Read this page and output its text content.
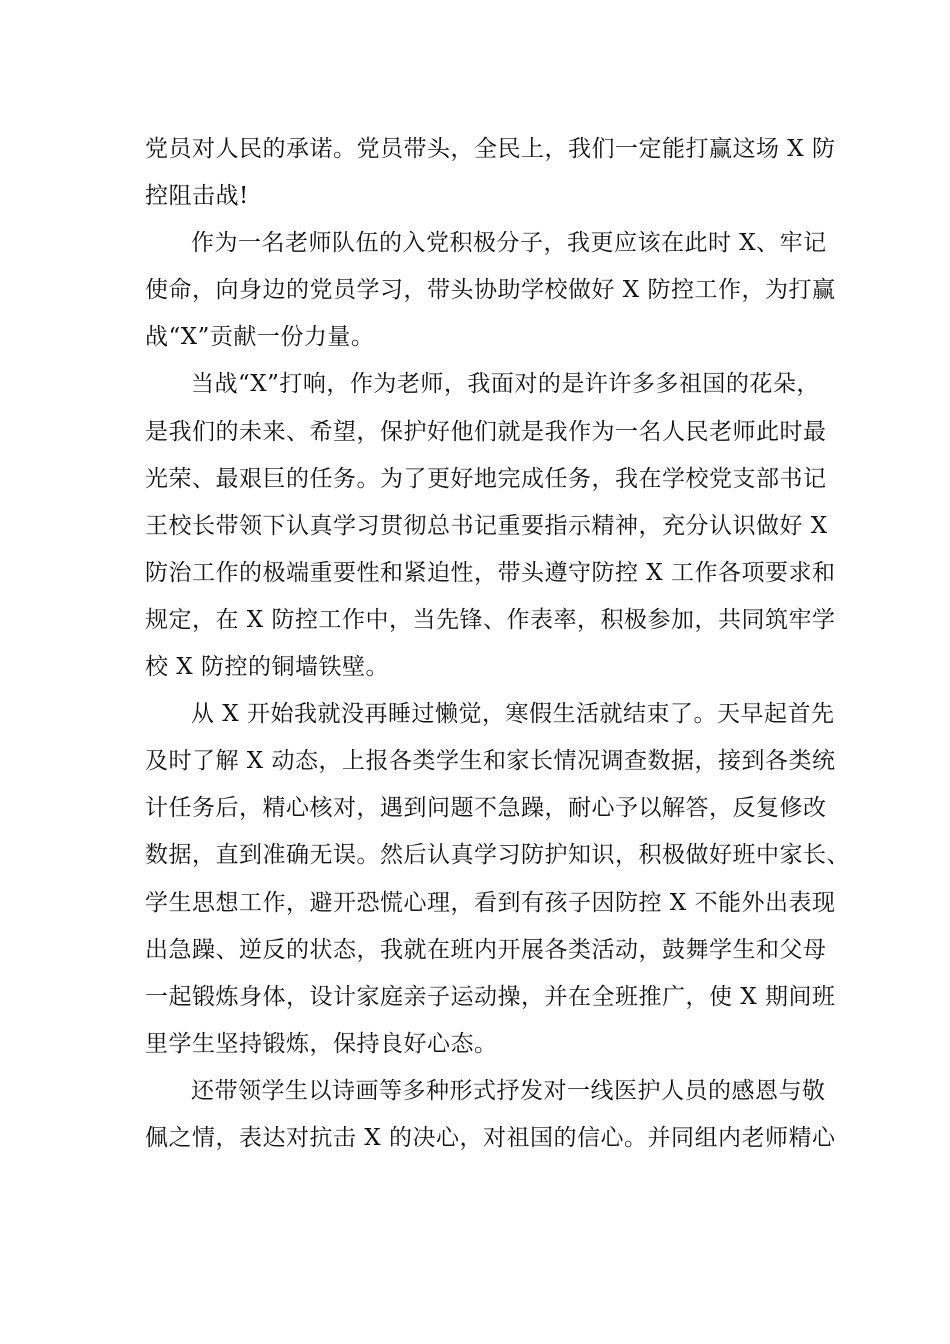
党员对人民的承诺。党员带头，全民上，我们一定能打赢这场 X 防
控阻击战!
作为一名老师队伍的入党积极分子，我更应该在此时 X、牢记
使命，向身边的党员学习，带头协助学校做好 X 防控工作，为打赢
战“X”贡献一份力量。
当战“X”打响，作为老师，我面对的是许许多多祖国的花朵，
是我们的未来、希望，保护好他们就是我作为一名人民老师此时最
光荣、最艰巨的任务。为了更好地完成任务，我在学校党支部书记
王校长带领下认真学习贯彻总书记重要指示精神，充分认识做好 X
防治工作的极端重要性和紧迫性，带头遵守防控 X 工作各项要求和
规定，在 X 防控工作中，当先锋、作表率，积极参加，共同筑牢学
校 X 防控的铜墙铁壁。
从 X 开始我就没再睡过懒觉，寒假生活就结束了。天早起首先
及时了解 X 动态，上报各类学生和家长情况调查数据，接到各类统
计任务后，精心核对，遇到问题不急躁，耐心予以解答，反复修改
数据，直到准确无误。然后认真学习防护知识，积极做好班中家长、
学生思想工作，避开恐慌心理，看到有孩子因防控 X 不能外出表现
出急躁、逆反的状态，我就在班内开展各类活动，鼓舞学生和父母
一起锻炼身体，设计家庭亲子运动操，并在全班推广，使 X 期间班
里学生坚持锻炼，保持良好心态。
还带领学生以诗画等多种形式抒发对一线医护人员的感恩与敬
佩之情，表达对抗击 X 的决心，对祖国的信心。并同组内老师精心
